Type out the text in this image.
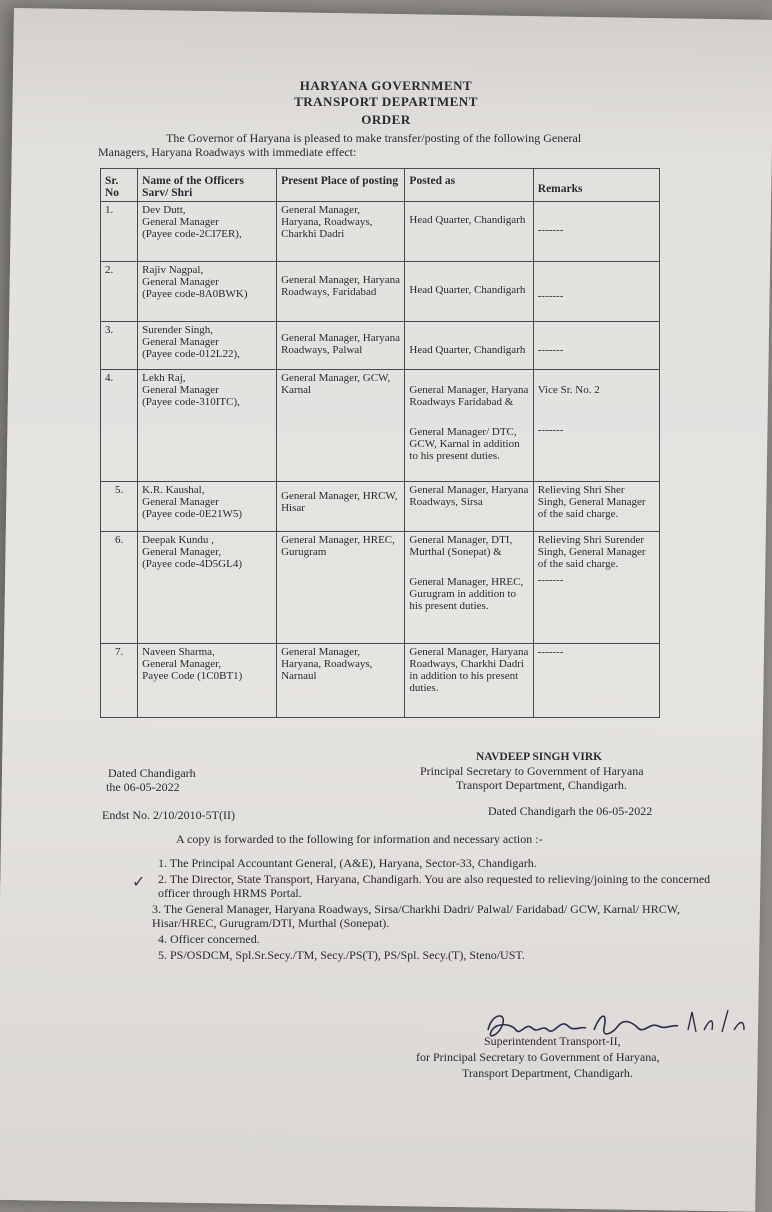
HARYANA GOVERNMENT
TRANSPORT DEPARTMENT
ORDER
The Governor of Haryana is pleased to make transfer/posting of the following General
Managers, Haryana Roadways with immediate effect:
Sr. No	Name of the Officers Sarv/ Shri	Present Place of posting	Posted as	Remarks
1.	Dev Dutt,
General Manager
(Payee code-2CI7ER),	General Manager, Haryana, Roadways, Charkhi Dadri	Head Quarter, Chandigarh	-------
2.	Rajiv Nagpal,
General Manager
(Payee code-8A0BWK)	General Manager, Haryana Roadways, Faridabad	Head Quarter, Chandigarh	-------
3.	Surender Singh,
General Manager
(Payee code-012L22),	General Manager, Haryana Roadways, Palwal	Head Quarter, Chandigarh	-------
4.	Lekh Raj,
General Manager
(Payee code-310ITC),	General Manager, GCW, Karnal	General Manager, Haryana Roadways Faridabad &
General Manager/ DTC, GCW, Karnal in addition to his present duties.	Vice Sr. No. 2
-------

5.	K.R. Kaushal,
General Manager
(Payee code-0E21W5)	General Manager, HRCW, Hisar	General Manager, Haryana Roadways, Sirsa	Relieving Shri Sher Singh, General Manager of the said charge.
6.	Deepak Kundu ,
General Manager,
(Payee code-4D5GL4)	General Manager, HREC, Gurugram	General Manager, DTI, Murthal (Sonepat) &
General Manager, HREC, Gurugram in addition to his present duties.	Relieving Shri Surender Singh, General Manager of the said charge.
-------

7.	Naveen Sharma,
General Manager,
Payee Code (1C0BT1)	General Manager, Haryana, Roadways, Narnaul	General Manager, Haryana Roadways, Charkhi Dadri in addition to his present duties.	-------
NAVDEEP SINGH VIRK
Principal Secretary to Government of Haryana
Transport Department, Chandigarh.
Dated Chandigarh
the 06-05-2022
Endst No. 2/10/2010-5T(II)	Dated Chandigarh the 06-05-2022
A copy is forwarded to the following for information and necessary action :-
✓
1. The Principal Accountant General, (A&E), Haryana, Sector-33, Chandigarh.
2. The Director, State Transport, Haryana, Chandigarh. You are also requested to relieving/joining to the concerned officer through HRMS Portal.
3. The General Manager, Haryana Roadways, Sirsa/Charkhi Dadri/ Palwal/ Faridabad/ GCW, Karnal/ HRCW, Hisar/HREC, Gurugram/DTI, Murthal (Sonepat).
4. Officer concerned.
5. PS/OSDCM, Spl.Sr.Secy./TM, Secy./PS(T), PS/Spl. Secy.(T), Steno/UST.
Superintendent Transport-II,
for Principal Secretary to Government of Haryana,
Transport Department, Chandigarh.
